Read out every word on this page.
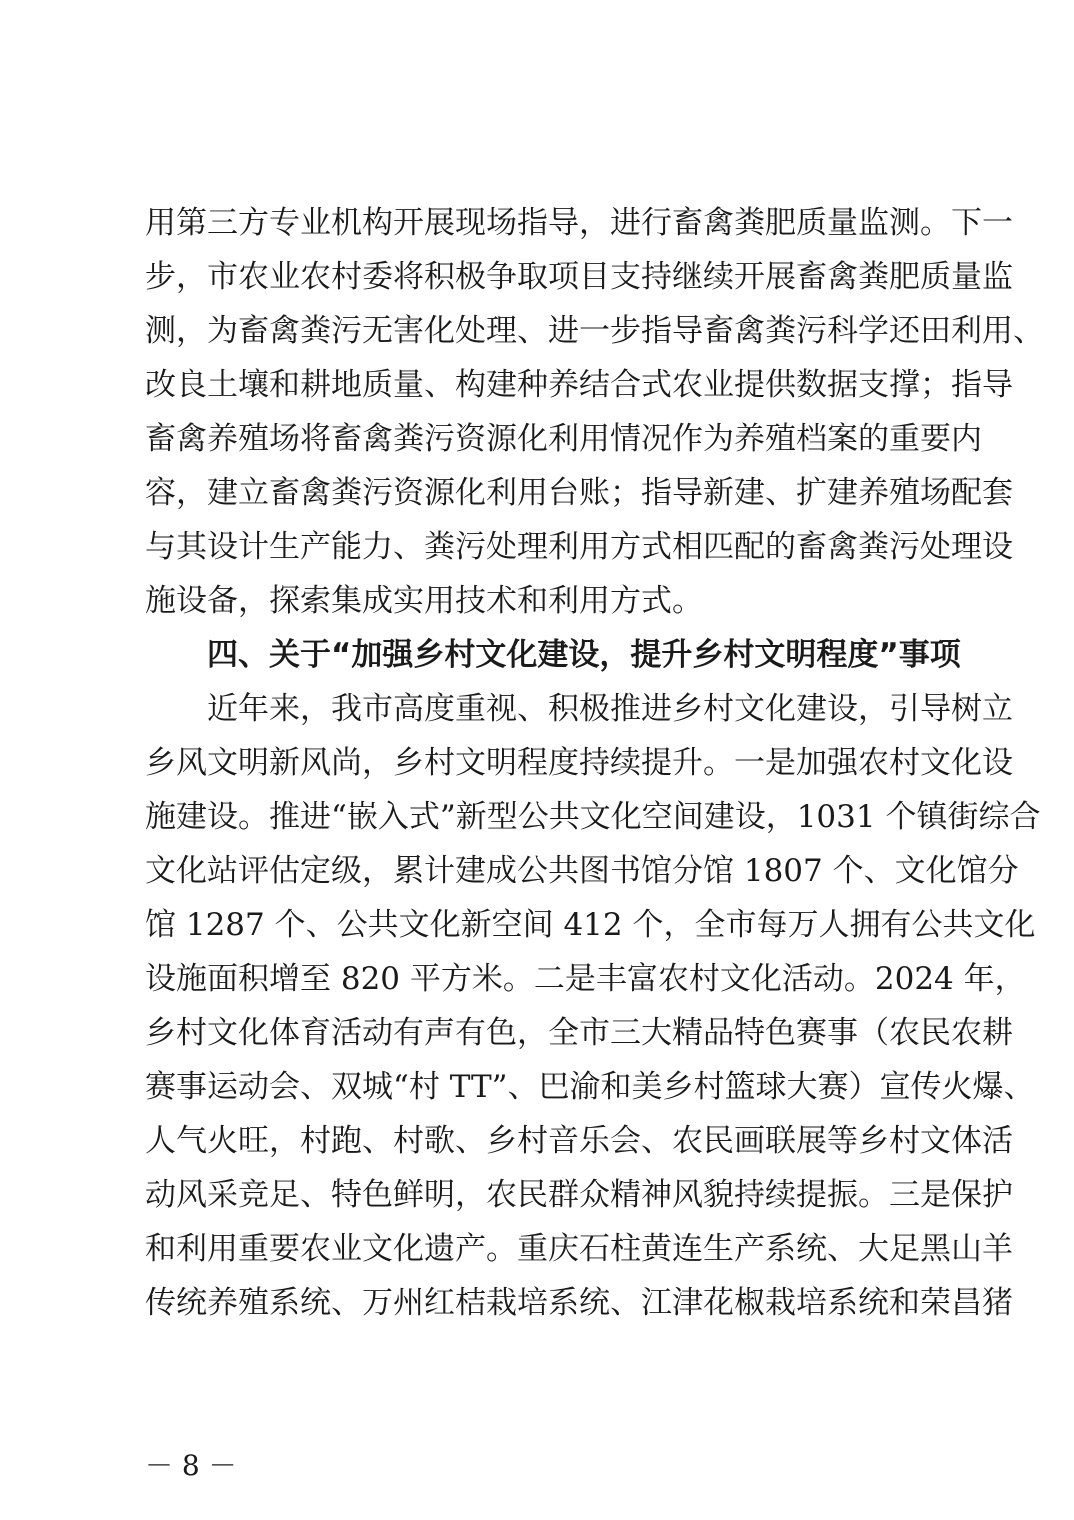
用第三方专业机构开展现场指导，进行畜禽粪肥质量监测。下一
步，市农业农村委将积极争取项目支持继续开展畜禽粪肥质量监
测，为畜禽粪污无害化处理、进一步指导畜禽粪污科学还田利用、
改良土壤和耕地质量、构建种养结合式农业提供数据支撑；指导
畜禽养殖场将畜禽粪污资源化利用情况作为养殖档案的重要内
容，建立畜禽粪污资源化利用台账；指导新建、扩建养殖场配套
与其设计生产能力、粪污处理利用方式相匹配的畜禽粪污处理设
施设备，探索集成实用技术和利用方式。
四、关于“加强乡村文化建设，提升乡村文明程度”事项
近年来，我市高度重视、积极推进乡村文化建设，引导树立
乡风文明新风尚，乡村文明程度持续提升。一是加强农村文化设
施建设。推进“嵌入式”新型公共文化空间建设，1031 个镇街综合
文化站评估定级，累计建成公共图书馆分馆 1807 个、文化馆分
馆 1287 个、公共文化新空间 412 个，全市每万人拥有公共文化
设施面积增至 820 平方米。二是丰富农村文化活动。2024 年，
乡村文化体育活动有声有色，全市三大精品特色赛事（农民农耕
赛事运动会、双城“村 TT”、巴渝和美乡村篮球大赛）宣传火爆、
人气火旺，村跑、村歌、乡村音乐会、农民画联展等乡村文体活
动风采竞足、特色鲜明，农民群众精神风貌持续提振。三是保护
和利用重要农业文化遗产。重庆石柱黄连生产系统、大足黑山羊
传统养殖系统、万州红桔栽培系统、江津花椒栽培系统和荣昌猪
－ 8 －
